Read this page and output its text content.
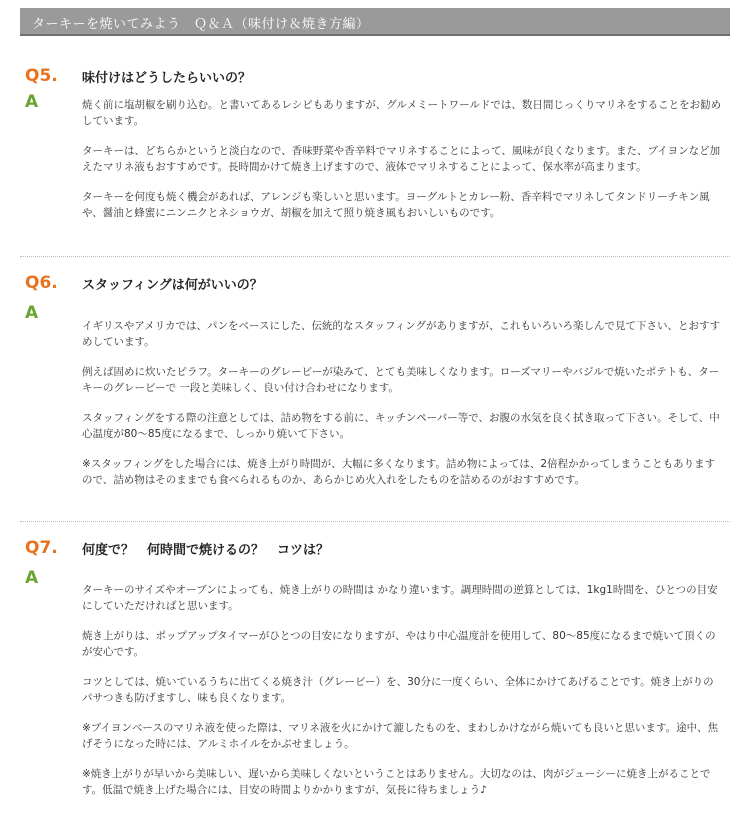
ターキーを焼いてみよう　Ｑ＆Ａ（味付け＆焼き方編）
Q5. 味付けはどうしたらいいの？
A	焼く前に塩胡椒を刷り込む。と書いてあるレシピもありますが、グルメミートワールドでは、数日間じっくりマリネをすることをお勧めしています。

ターキーは、どちらかというと淡白なので、香味野菜や香辛料でマリネすることによって、風味が良くなります。また、ブイヨンなど加えたマリネ液もおすすめです。長時間かけて焼き上げますので、液体でマリネすることによって、保水率が高まります。

ターキーを何度も焼く機会があれば、アレンジも楽しいと思います。ヨーグルトとカレー粉、香辛料でマリネしてタンドリーチキン風や、醤油と蜂蜜にニンニクとネショウガ、胡椒を加えて照り焼き風もおいしいものです。

Q6. スタッフィングは何がいいの？
A

イギリスやアメリカでは、パンをベースにした、伝統的なスタッフィングがありますが、これもいろいろ楽しんで見て下さい、とおすすめしています。

例えば固めに炊いたピラフ。ターキーのグレービーが染みて、とても美味しくなります。ローズマリーやバジルで焼いたポテトも、ターキーのグレービーで 一段と美味しく、良い付け合わせになります。

スタッフィングをする際の注意としては、詰め物をする前に、キッチンペーパー等で、お腹の水気を良く拭き取って下さい。そして、中心温度が80～85度になるまで、しっかり焼いて下さい。

※スタッフィングをした場合には、焼き上がり時間が、大幅に多くなります。詰め物によっては、2倍程かかってしまうこともありますので、詰め物はそのままでも食べられるものか、あらかじめ火入れをしたものを詰めるのがおすすめです。

Q7. 何度で？　何時間で焼けるの？　コツは？
A

ターキーのサイズやオーブンによっても、焼き上がりの時間は かなり違います。調理時間の逆算としては、1kg1時間を、ひとつの目安にしていただければと思います。

焼き上がりは、ポップアップタイマーがひとつの目安になりますが、やはり中心温度計を使用して、80～85度になるまで焼いて頂くのが安心です。

コツとしては、焼いているうちに出てくる焼き汁（グレービー）を、30分に一度くらい、全体にかけてあげることです。焼き上がりのパサつきも防げますし、味も良くなります。

※ブイヨンベースのマリネ液を使った際は、マリネ液を火にかけて漉したものを、まわしかけながら焼いても良いと思います。途中、焦げそうになった時には、アルミホイルをかぶせましょう。

※焼き上がりが早いから美味しい、遅いから美味しくないということはありません。大切なのは、肉がジューシーに焼き上がることです。低温で焼き上げた場合には、目安の時間よりかかりますが、気長に待ちましょう♪
